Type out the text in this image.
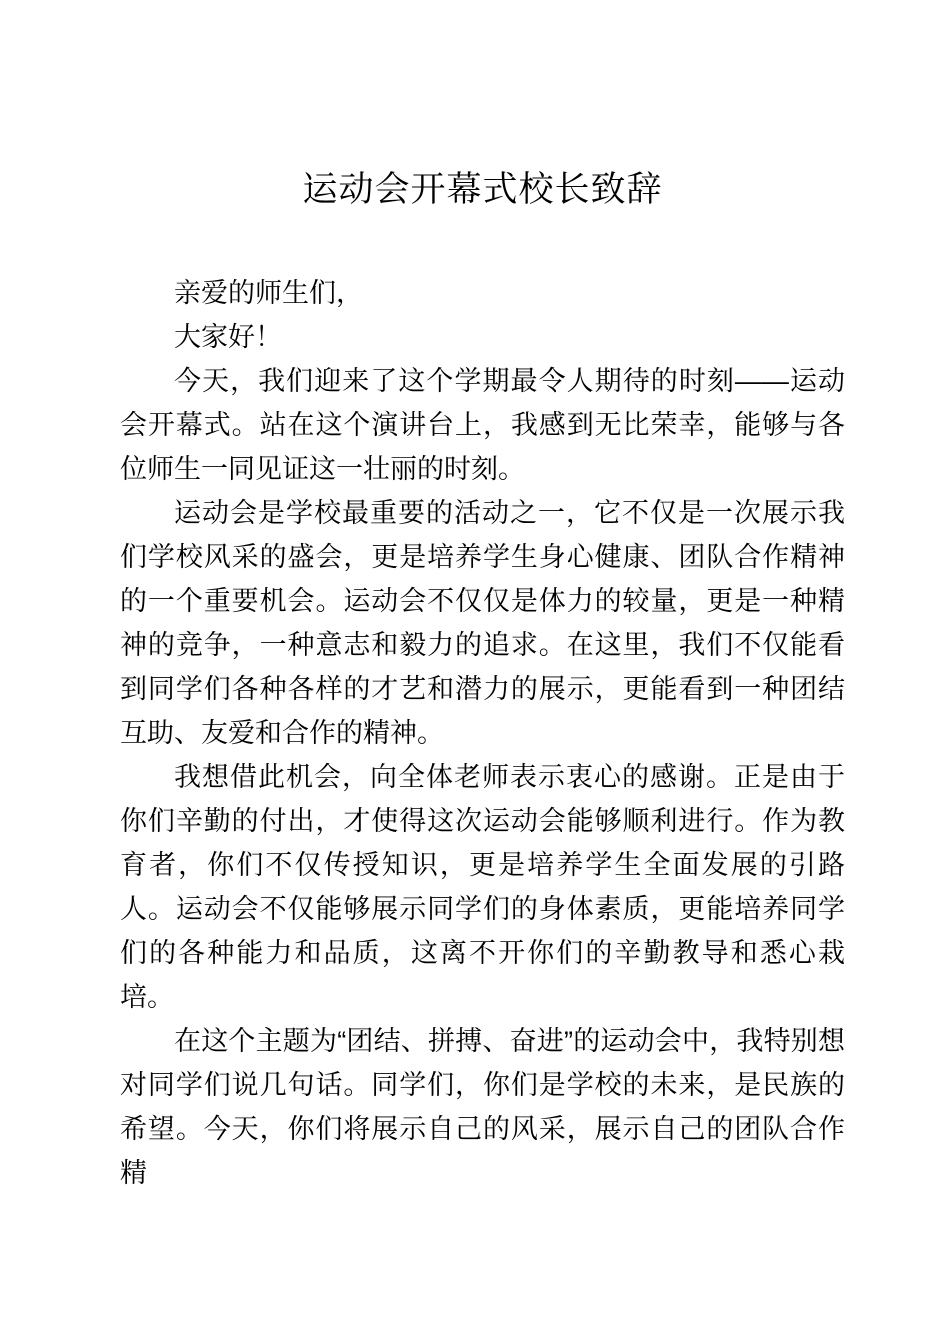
运动会开幕式校长致辞

亲爱的师生们，

大家好！

今天，我们迎来了这个学期最令人期待的时刻——运动会开幕式。站在这个演讲台上，我感到无比荣幸，能够与各位师生一同见证这一壮丽的时刻。

运动会是学校最重要的活动之一，它不仅是一次展示我们学校风采的盛会，更是培养学生身心健康、团队合作精神的一个重要机会。运动会不仅仅是体力的较量，更是一种精神的竞争，一种意志和毅力的追求。在这里，我们不仅能看到同学们各种各样的才艺和潜力的展示，更能看到一种团结互助、友爱和合作的精神。

我想借此机会，向全体老师表示衷心的感谢。正是由于你们辛勤的付出，才使得这次运动会能够顺利进行。作为教育者，你们不仅传授知识，更是培养学生全面发展的引路人。运动会不仅能够展示同学们的身体素质，更能培养同学们的各种能力和品质，这离不开你们的辛勤教导和悉心栽培。

在这个主题为“团结、拼搏、奋进”的运动会中，我特别想对同学们说几句话。同学们，你们是学校的未来，是民族的希望。今天，你们将展示自己的风采，展示自己的团队合作精
